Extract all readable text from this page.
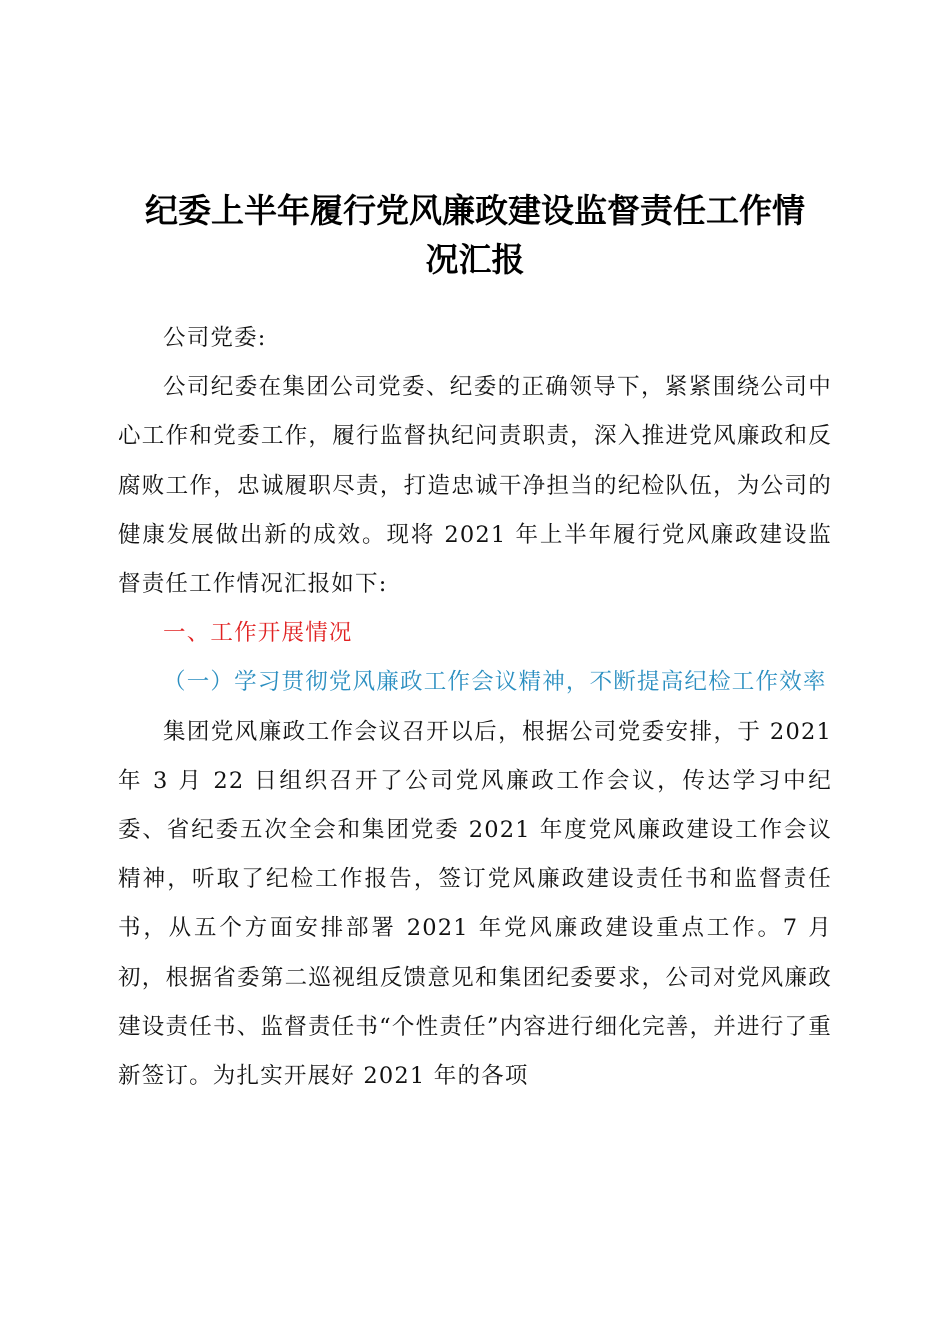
纪委上半年履行党风廉政建设监督责任工作情
况汇报

公司党委:

公司纪委在集团公司党委、纪委的正确领导下，紧紧围绕公司中心工作和党委工作，履行监督执纪问责职责，深入推进党风廉政和反腐败工作，忠诚履职尽责，打造忠诚干净担当的纪检队伍，为公司的健康发展做出新的成效。现将 2021 年上半年履行党风廉政建设监督责任工作情况汇报如下:

一、工作开展情况

（一）学习贯彻党风廉政工作会议精神，不断提高纪检工作效率

集团党风廉政工作会议召开以后，根据公司党委安排，于 2021 年 3 月 22 日组织召开了公司党风廉政工作会议，传达学习中纪委、省纪委五次全会和集团党委 2021 年度党风廉政建设工作会议精神，听取了纪检工作报告，签订党风廉政建设责任书和监督责任书，从五个方面安排部署 2021 年党风廉政建设重点工作。7 月初，根据省委第二巡视组反馈意见和集团纪委要求，公司对党风廉政建设责任书、监督责任书“个性责任”内容进行细化完善，并进行了重新签订。为扎实开展好 2021 年的各项
